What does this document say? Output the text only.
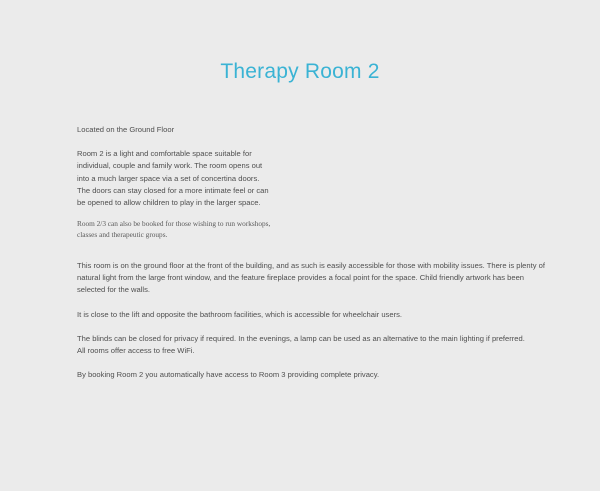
Therapy Room 2

Located on the Ground Floor

Room 2 is a light and comfortable space suitable for individual, couple and family work. The room opens out into a much larger space via a set of concertina doors. The doors can stay closed for a more intimate feel or can be opened to allow children to play in the larger space.

Room 2/3 can also be booked for those wishing to run workshops, classes and therapeutic groups.

This room is on the ground floor at the front of the building, and as such is easily accessible for those with mobility issues. There is plenty of natural light from the large front window, and the feature fireplace provides a focal point for the space. Child friendly artwork has been selected for the walls.

It is close to the lift and opposite the bathroom facilities, which is accessible for wheelchair users.

The blinds can be closed for privacy if required. In the evenings, a lamp can be used as an alternative to the main lighting if preferred.

All rooms offer access to free WiFi.

By booking Room 2 you automatically have access to Room 3 providing complete privacy.
